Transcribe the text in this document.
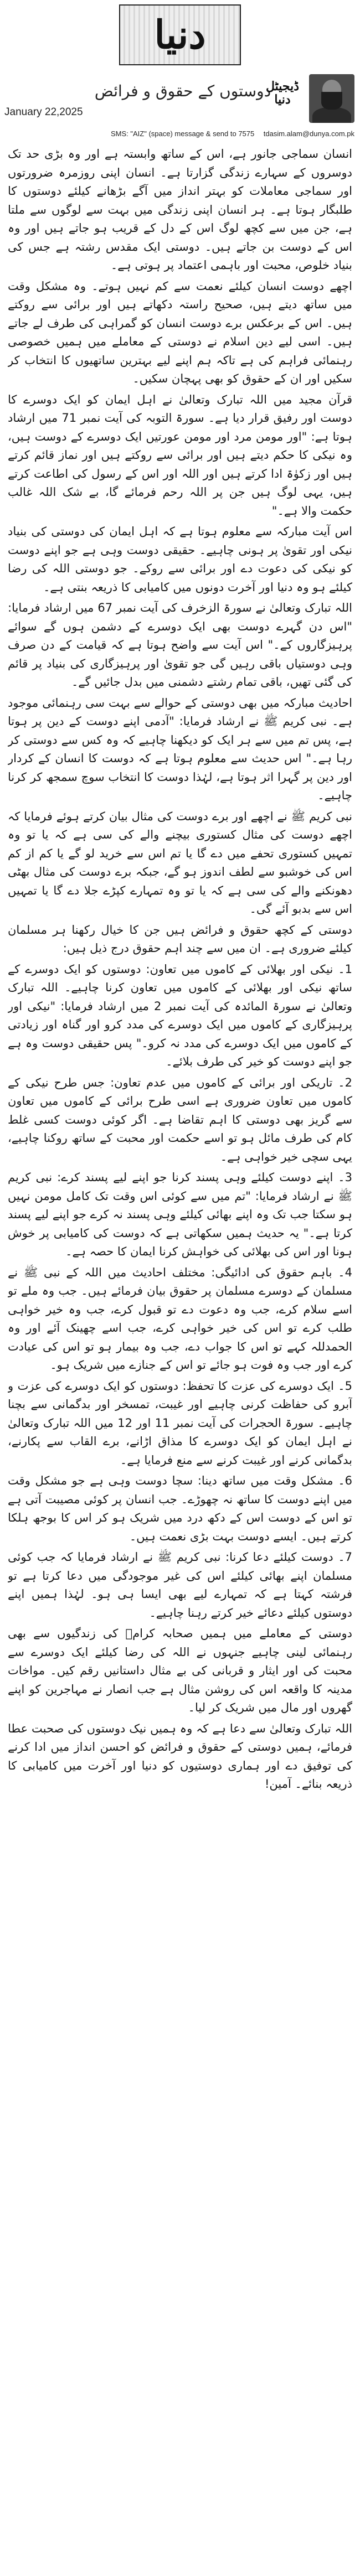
دنیا
دوستوں کے حقوق و فرائض
January 22,2025
ڈیجیٹل دنیا
SMS: "AIZ" (space) message & send to 7575 tdasim.alam@dunya.com.pk

انسان سماجی جانور ہے، اس کے ساتھ وابستہ ہے اور وہ بڑی حد تک دوسروں کے سہارے زندگی گزارتا ہے۔ انسان اپنی روزمرہ ضرورتوں اور سماجی معاملات کو بہتر انداز میں آگے بڑھانے کیلئے دوستوں کا طلبگار ہوتا ہے۔ ہر انسان اپنی زندگی میں بہت سے لوگوں سے ملتا ہے، جن میں سے کچھ لوگ اس کے دل کے قریب ہو جاتے ہیں اور وہ اس کے دوست بن جاتے ہیں۔ دوستی ایک مقدس رشتہ ہے جس کی بنیاد خلوص، محبت اور باہمی اعتماد پر ہوتی ہے۔

اچھے دوست انسان کیلئے نعمت سے کم نہیں ہوتے۔ وہ مشکل وقت میں ساتھ دیتے ہیں، صحیح راستہ دکھاتے ہیں اور برائی سے روکتے ہیں۔ اس کے برعکس برے دوست انسان کو گمراہی کی طرف لے جاتے ہیں۔ اسی لیے دین اسلام نے دوستی کے معاملے میں ہمیں خصوصی رہنمائی فراہم کی ہے تاکہ ہم اپنے لیے بہترین ساتھیوں کا انتخاب کر سکیں اور ان کے حقوق کو بھی پہچان سکیں۔

قرآن مجید میں اللہ تبارک وتعالیٰ نے اہل ایمان کو ایک دوسرے کا دوست اور رفیق قرار دیا ہے۔ سورۃ التوبہ کی آیت نمبر 71 میں ارشاد ہوتا ہے: "اور مومن مرد اور مومن عورتیں ایک دوسرے کے دوست ہیں، وہ نیکی کا حکم دیتے ہیں اور برائی سے روکتے ہیں اور نماز قائم کرتے ہیں اور زکوٰۃ ادا کرتے ہیں اور اللہ اور اس کے رسول کی اطاعت کرتے ہیں، یہی لوگ ہیں جن پر اللہ رحم فرمائے گا، بے شک اللہ غالب حکمت والا ہے۔"

اس آیت مبارکہ سے معلوم ہوتا ہے کہ اہل ایمان کی دوستی کی بنیاد نیکی اور تقویٰ پر ہونی چاہیے۔ حقیقی دوست وہی ہے جو اپنے دوست کو نیکی کی دعوت دے اور برائی سے روکے۔ جو دوستی اللہ کی رضا کیلئے ہو وہ دنیا اور آخرت دونوں میں کامیابی کا ذریعہ بنتی ہے۔

اللہ تبارک وتعالیٰ نے سورۃ الزخرف کی آیت نمبر 67 میں ارشاد فرمایا: "اس دن گہرے دوست بھی ایک دوسرے کے دشمن ہوں گے سوائے پرہیزگاروں کے۔" اس آیت سے واضح ہوتا ہے کہ قیامت کے دن صرف وہی دوستیاں باقی رہیں گی جو تقویٰ اور پرہیزگاری کی بنیاد پر قائم کی گئی تھیں، باقی تمام رشتے دشمنی میں بدل جائیں گے۔

احادیث مبارکہ میں بھی دوستی کے حوالے سے بہت سی رہنمائی موجود ہے۔ نبی کریم ﷺ نے ارشاد فرمایا: "آدمی اپنے دوست کے دین پر ہوتا ہے، پس تم میں سے ہر ایک کو دیکھنا چاہیے کہ وہ کس سے دوستی کر رہا ہے۔" اس حدیث سے معلوم ہوتا ہے کہ دوست کا انسان کے کردار اور دین پر گہرا اثر ہوتا ہے، لہٰذا دوست کا انتخاب سوچ سمجھ کر کرنا چاہیے۔

نبی کریم ﷺ نے اچھے اور برے دوست کی مثال بیان کرتے ہوئے فرمایا کہ اچھے دوست کی مثال کستوری بیچنے والے کی سی ہے کہ یا تو وہ تمہیں کستوری تحفے میں دے گا یا تم اس سے خرید لو گے یا کم از کم اس کی خوشبو سے لطف اندوز ہو گے، جبکہ برے دوست کی مثال بھٹی دھونکنے والے کی سی ہے کہ یا تو وہ تمہارے کپڑے جلا دے گا یا تمہیں اس سے بدبو آئے گی۔

دوستی کے کچھ حقوق و فرائض ہیں جن کا خیال رکھنا ہر مسلمان کیلئے ضروری ہے۔ ان میں سے چند اہم حقوق درج ذیل ہیں:

1۔ نیکی اور بھلائی کے کاموں میں تعاون: دوستوں کو ایک دوسرے کے ساتھ نیکی اور بھلائی کے کاموں میں تعاون کرنا چاہیے۔ اللہ تبارک وتعالیٰ نے سورۃ المائدہ کی آیت نمبر 2 میں ارشاد فرمایا: "نیکی اور پرہیزگاری کے کاموں میں ایک دوسرے کی مدد کرو اور گناہ اور زیادتی کے کاموں میں ایک دوسرے کی مدد نہ کرو۔" پس حقیقی دوست وہ ہے جو اپنے دوست کو خیر کی طرف بلائے۔

2۔ تاریکی اور برائی کے کاموں میں عدم تعاون: جس طرح نیکی کے کاموں میں تعاون ضروری ہے اسی طرح برائی کے کاموں میں تعاون سے گریز بھی دوستی کا اہم تقاضا ہے۔ اگر کوئی دوست کسی غلط کام کی طرف مائل ہو تو اسے حکمت اور محبت کے ساتھ روکنا چاہیے، یہی سچی خیر خواہی ہے۔

3۔ اپنے دوست کیلئے وہی پسند کرنا جو اپنے لیے پسند کرے: نبی کریم ﷺ نے ارشاد فرمایا: "تم میں سے کوئی اس وقت تک کامل مومن نہیں ہو سکتا جب تک وہ اپنے بھائی کیلئے وہی پسند نہ کرے جو اپنے لیے پسند کرتا ہے۔" یہ حدیث ہمیں سکھاتی ہے کہ دوست کی کامیابی پر خوش ہونا اور اس کی بھلائی کی خواہش کرنا ایمان کا حصہ ہے۔

4۔ باہم حقوق کی ادائیگی: مختلف احادیث میں اللہ کے نبی ﷺ نے مسلمان کے دوسرے مسلمان پر حقوق بیان فرمائے ہیں۔ جب وہ ملے تو اسے سلام کرے، جب وہ دعوت دے تو قبول کرے، جب وہ خیر خواہی طلب کرے تو اس کی خیر خواہی کرے، جب اسے چھینک آئے اور وہ الحمدللہ کہے تو اس کا جواب دے، جب وہ بیمار ہو تو اس کی عیادت کرے اور جب وہ فوت ہو جائے تو اس کے جنازے میں شریک ہو۔

5۔ ایک دوسرے کی عزت کا تحفظ: دوستوں کو ایک دوسرے کی عزت و آبرو کی حفاظت کرنی چاہیے اور غیبت، تمسخر اور بدگمانی سے بچنا چاہیے۔ سورۃ الحجرات کی آیت نمبر 11 اور 12 میں اللہ تبارک وتعالیٰ نے اہل ایمان کو ایک دوسرے کا مذاق اڑانے، برے القاب سے پکارنے، بدگمانی کرنے اور غیبت کرنے سے منع فرمایا ہے۔

6۔ مشکل وقت میں ساتھ دینا: سچا دوست وہی ہے جو مشکل وقت میں اپنے دوست کا ساتھ نہ چھوڑے۔ جب انسان پر کوئی مصیبت آتی ہے تو اس کے دوست اس کے دکھ درد میں شریک ہو کر اس کا بوجھ ہلکا کرتے ہیں۔ ایسے دوست بہت بڑی نعمت ہیں۔

7۔ دوست کیلئے دعا کرنا: نبی کریم ﷺ نے ارشاد فرمایا کہ جب کوئی مسلمان اپنے بھائی کیلئے اس کی غیر موجودگی میں دعا کرتا ہے تو فرشتہ کہتا ہے کہ تمہارے لیے بھی ایسا ہی ہو۔ لہٰذا ہمیں اپنے دوستوں کیلئے دعائے خیر کرتے رہنا چاہیے۔

دوستی کے معاملے میں ہمیں صحابہ کرامؓ کی زندگیوں سے بھی رہنمائی لینی چاہیے جنہوں نے اللہ کی رضا کیلئے ایک دوسرے سے محبت کی اور ایثار و قربانی کی بے مثال داستانیں رقم کیں۔ مواخات مدینہ کا واقعہ اس کی روشن مثال ہے جب انصار نے مہاجرین کو اپنے گھروں اور مال میں شریک کر لیا۔

اللہ تبارک وتعالیٰ سے دعا ہے کہ وہ ہمیں نیک دوستوں کی صحبت عطا فرمائے، ہمیں دوستی کے حقوق و فرائض کو احسن انداز میں ادا کرنے کی توفیق دے اور ہماری دوستیوں کو دنیا اور آخرت میں کامیابی کا ذریعہ بنائے۔ آمین!
